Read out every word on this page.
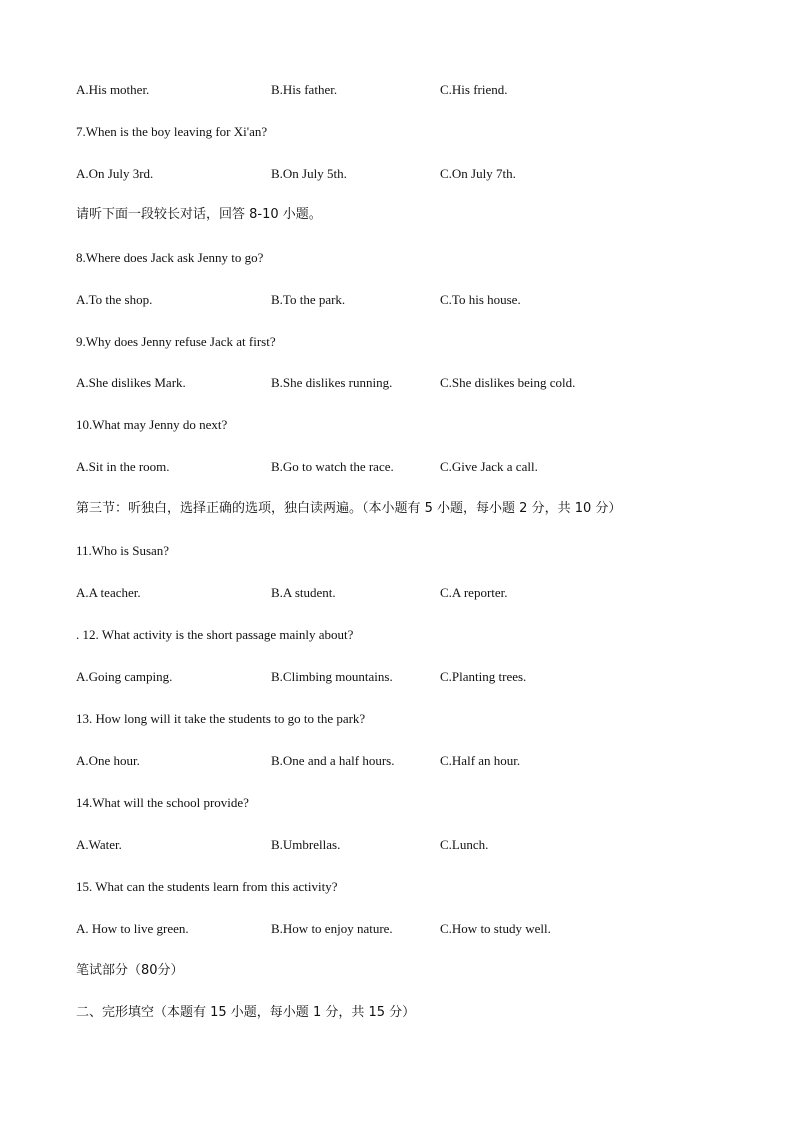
A.His mother.	B.His father.	C.His friend.
7.When is the boy leaving for Xi'an?
A.On July 3rd.	B.On July 5th.	C.On July 7th.
请听下面一段较长对话，回答 8-10 小题。
8.Where does Jack ask Jenny to go?
A.To the shop.	B.To the park.	C.To his house.
9.Why does Jenny refuse Jack at first?
A.She dislikes Mark.	B.She dislikes running.	C.She dislikes being cold.
10.What may Jenny do next?
A.Sit in the room.	B.Go to watch the race.	C.Give Jack a call.
第三节：听独白，选择正确的选项，独白读两遍。（本小题有 5 小题，每小题 2 分，共 10 分）
11.Who is Susan?
A.A teacher.	B.A student.	C.A reporter.
. 12. What activity is the short passage mainly about?
A.Going camping.	B.Climbing mountains.	C.Planting trees.
13. How long will it take the students to go to the park?
A.One hour.	B.One and a half hours.	C.Half an hour.
14.What will the school provide?
A.Water.	B.Umbrellas.	C.Lunch.
15. What can the students learn from this activity?
A. How to live green.	B.How to enjoy nature.	C.How to study well.
笔试部分（80分）
二、完形填空（本题有 15 小题，每小题 1 分，共 15 分）
